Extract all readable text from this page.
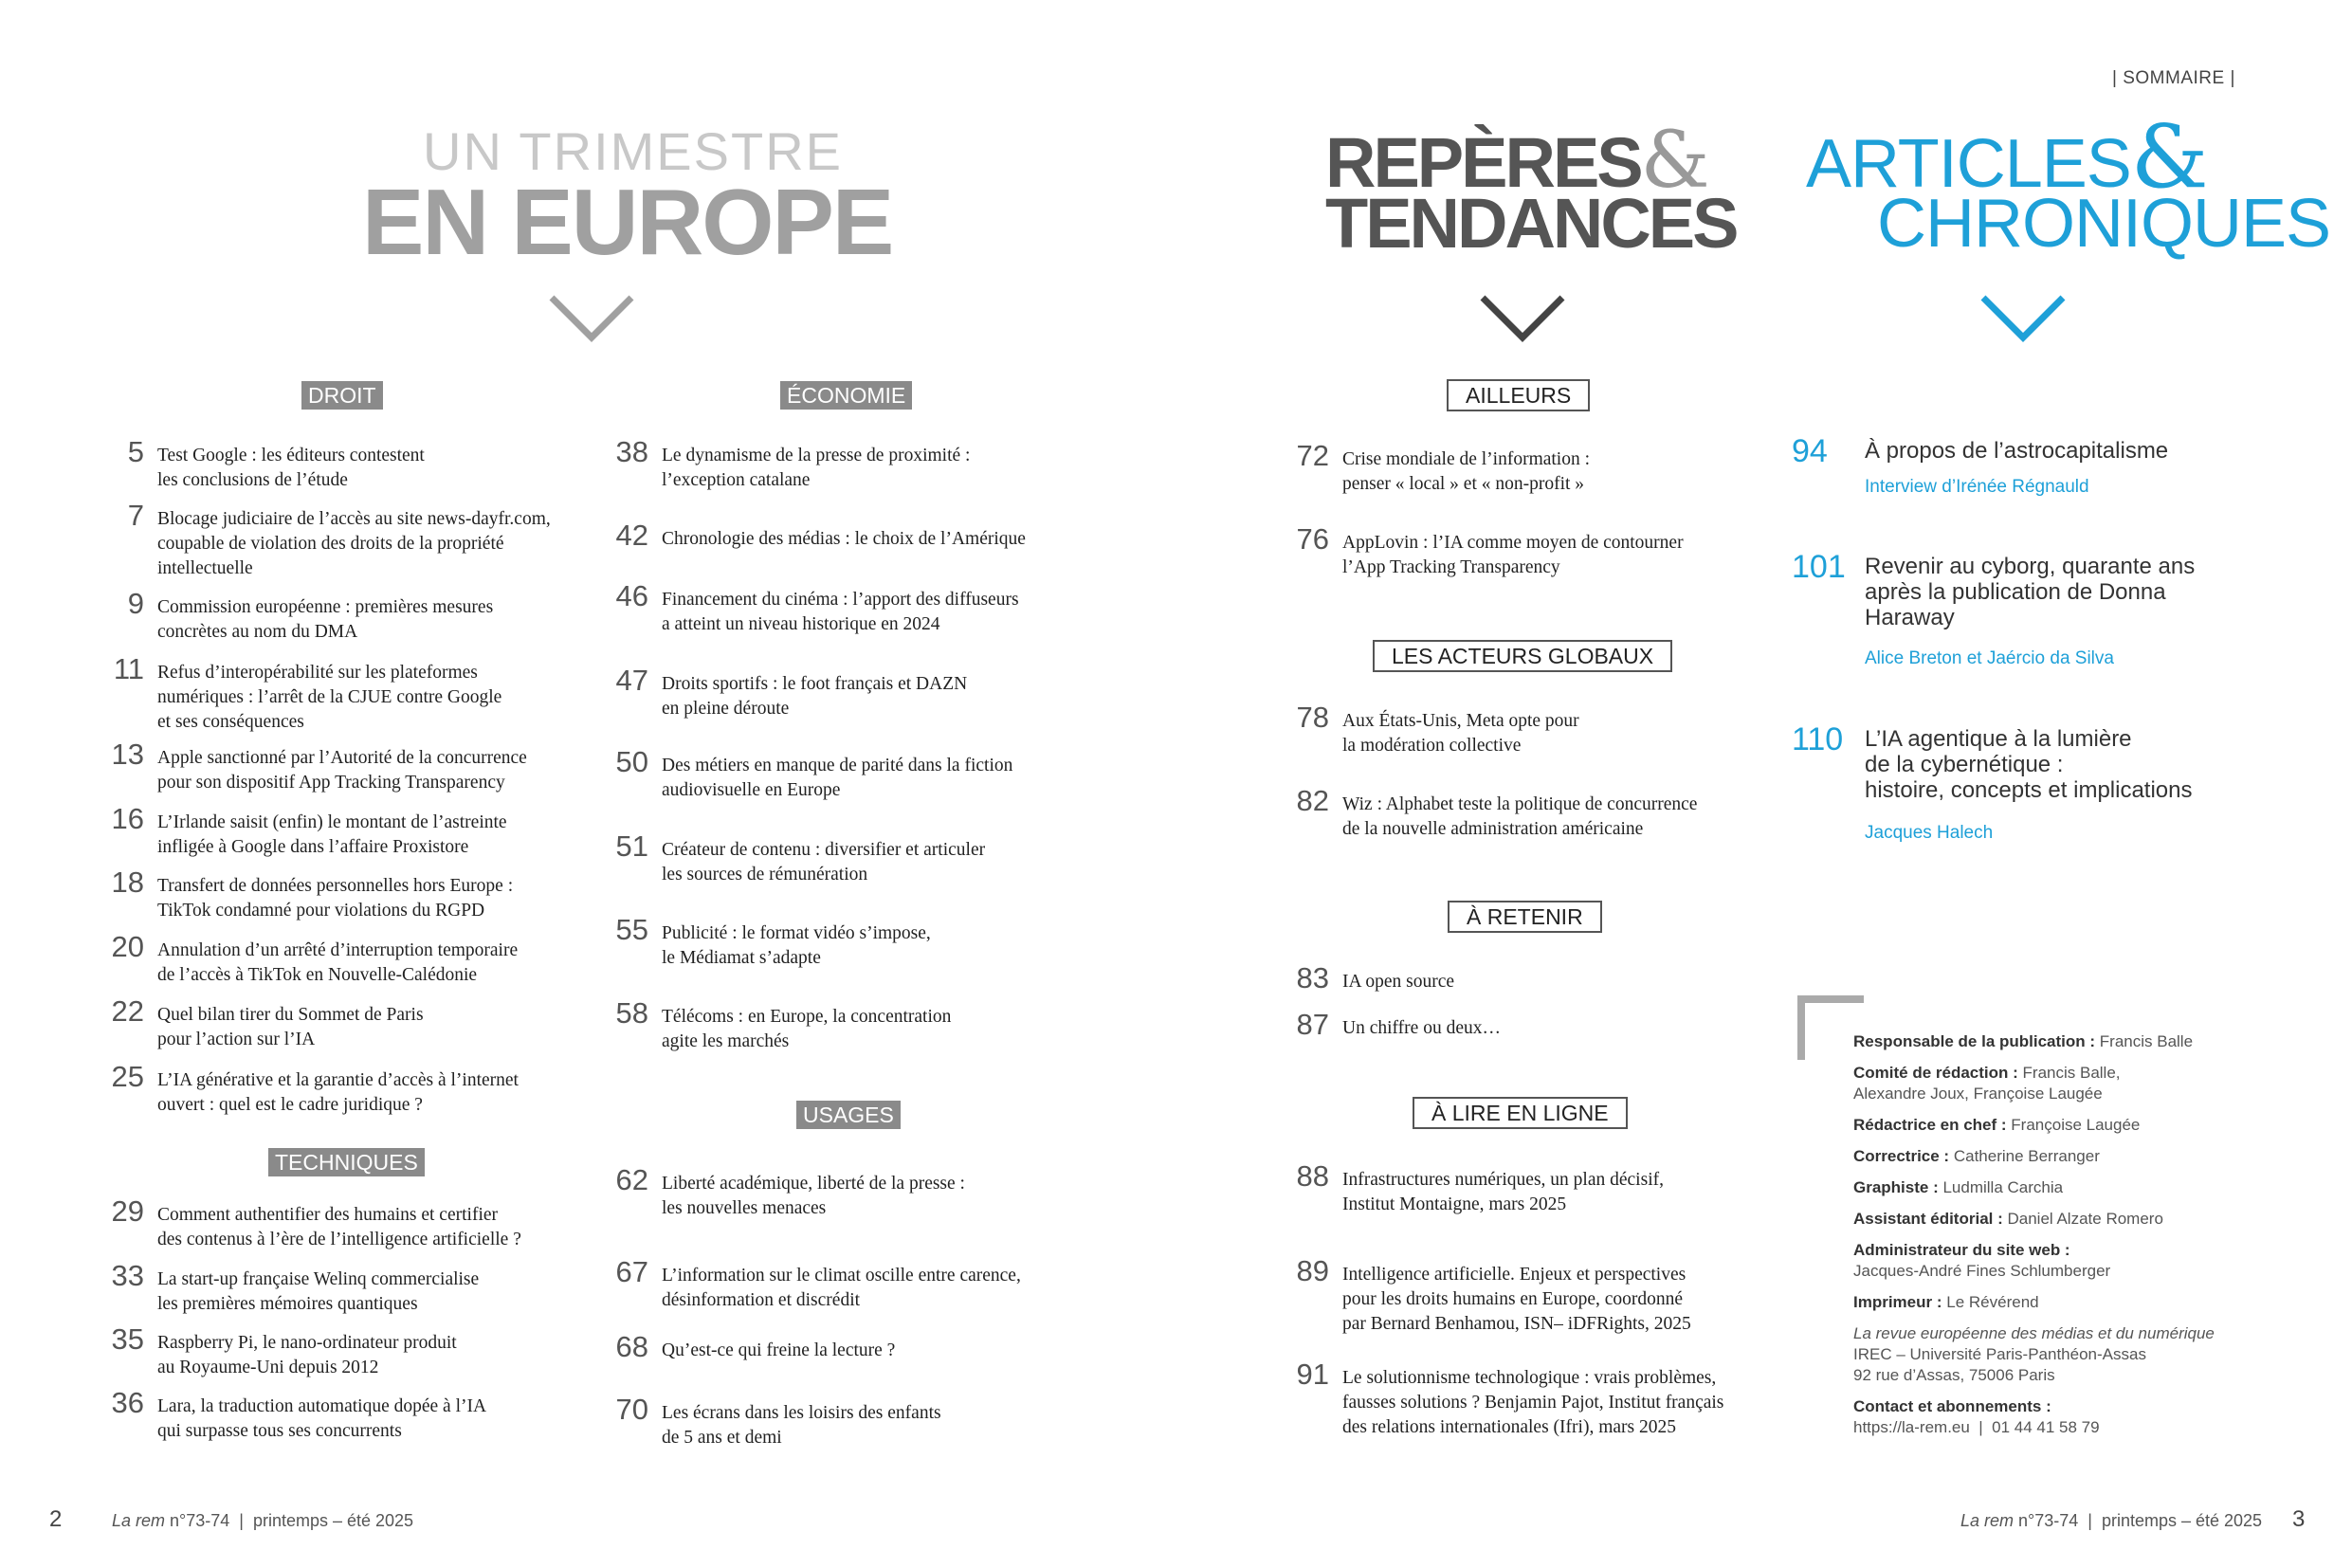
| SOMMAIRE |
UN TRIMESTRE
EN EUROPE
REPÈRES&
TENDANCES
ARTICLES&
CHRONIQUES
DROIT
5 Test Google : les éditeurs contestent
les conclusions de l’étude
7 Blocage judiciaire de l’accès au site news-dayfr.com,
coupable de violation des droits de la propriété
intellectuelle
9 Commission européenne : premières mesures
concrètes au nom du DMA
11 Refus d’interopérabilité sur les plateformes
numériques : l’arrêt de la CJUE contre Google
et ses conséquences
13 Apple sanctionné par l’Autorité de la concurrence
pour son dispositif App Tracking Transparency
16 L’Irlande saisit (enfin) le montant de l’astreinte
infligée à Google dans l’affaire Proxistore
18 Transfert de données personnelles hors Europe :
TikTok condamné pour violations du RGPD
20 Annulation d’un arrêté d’interruption temporaire
de l’accès à TikTok en Nouvelle-Calédonie
22 Quel bilan tirer du Sommet de Paris
pour l’action sur l’IA
25 L’IA générative et la garantie d’accès à l’internet
ouvert : quel est le cadre juridique ?
TECHNIQUES
29 Comment authentifier des humains et certifier
des contenus à l’ère de l’intelligence artificielle ?
33 La start-up française Welinq commercialise
les premières mémoires quantiques
35 Raspberry Pi, le nano-ordinateur produit
au Royaume-Uni depuis 2012
36 Lara, la traduction automatique dopée à l’IA
qui surpasse tous ses concurrents
ÉCONOMIE
38 Le dynamisme de la presse de proximité :
l’exception catalane
42 Chronologie des médias : le choix de l’Amérique
46 Financement du cinéma : l’apport des diffuseurs
a atteint un niveau historique en 2024
47 Droits sportifs : le foot français et DAZN
en pleine déroute
50 Des métiers en manque de parité dans la fiction
audiovisuelle en Europe
51 Créateur de contenu : diversifier et articuler
les sources de rémunération
55 Publicité : le format vidéo s’impose,
le Médiamat s’adapte
58 Télécoms : en Europe, la concentration
agite les marchés
USAGES
62 Liberté académique, liberté de la presse :
les nouvelles menaces
67 L’information sur le climat oscille entre carence,
désinformation et discrédit
68 Qu’est-ce qui freine la lecture ?
70 Les écrans dans les loisirs des enfants
de 5 ans et demi
AILLEURS
72 Crise mondiale de l’information :
penser « local » et « non-profit »
76 AppLovin : l’IA comme moyen de contourner
l’App Tracking Transparency
LES ACTEURS GLOBAUX
78 Aux États-Unis, Meta opte pour
la modération collective
82 Wiz : Alphabet teste la politique de concurrence
de la nouvelle administration américaine
À RETENIR
83 IA open source
87 Un chiffre ou deux…
À LIRE EN LIGNE
88 Infrastructures numériques, un plan décisif,
Institut Montaigne, mars 2025
89 Intelligence artificielle. Enjeux et perspectives
pour les droits humains en Europe, coordonné
par Bernard Benhamou, ISN– iDFRights, 2025
91 Le solutionnisme technologique : vrais problèmes,
fausses solutions ? Benjamin Pajot, Institut français
des relations internationales (Ifri), mars 2025
94 À propos de l’astrocapitalisme
Interview d’Irénée Régnauld
101 Revenir au cyborg, quarante ans
après la publication de Donna
Haraway
Alice Breton et Jaércio da Silva
110 L’IA agentique à la lumière
de la cybernétique :
histoire, concepts et implications
Jacques Halech
Responsable de la publication : Francis Balle
Comité de rédaction : Francis Balle,
Alexandre Joux, Françoise Laugée
Rédactrice en chef : Françoise Laugée
Correctrice : Catherine Berranger
Graphiste : Ludmilla Carchia
Assistant éditorial : Daniel Alzate Romero
Administrateur du site web :
Jacques-André Fines Schlumberger
Imprimeur : Le Révérend
La revue européenne des médias et du numérique
IREC – Université Paris-Panthéon-Assas
92 rue d’Assas, 75006 Paris
Contact et abonnements :
https://la-rem.eu  |  01 44 41 58 79
2	La rem n°73-74  |  printemps – été 2025	La rem n°73-74  |  printemps – été 2025 3
